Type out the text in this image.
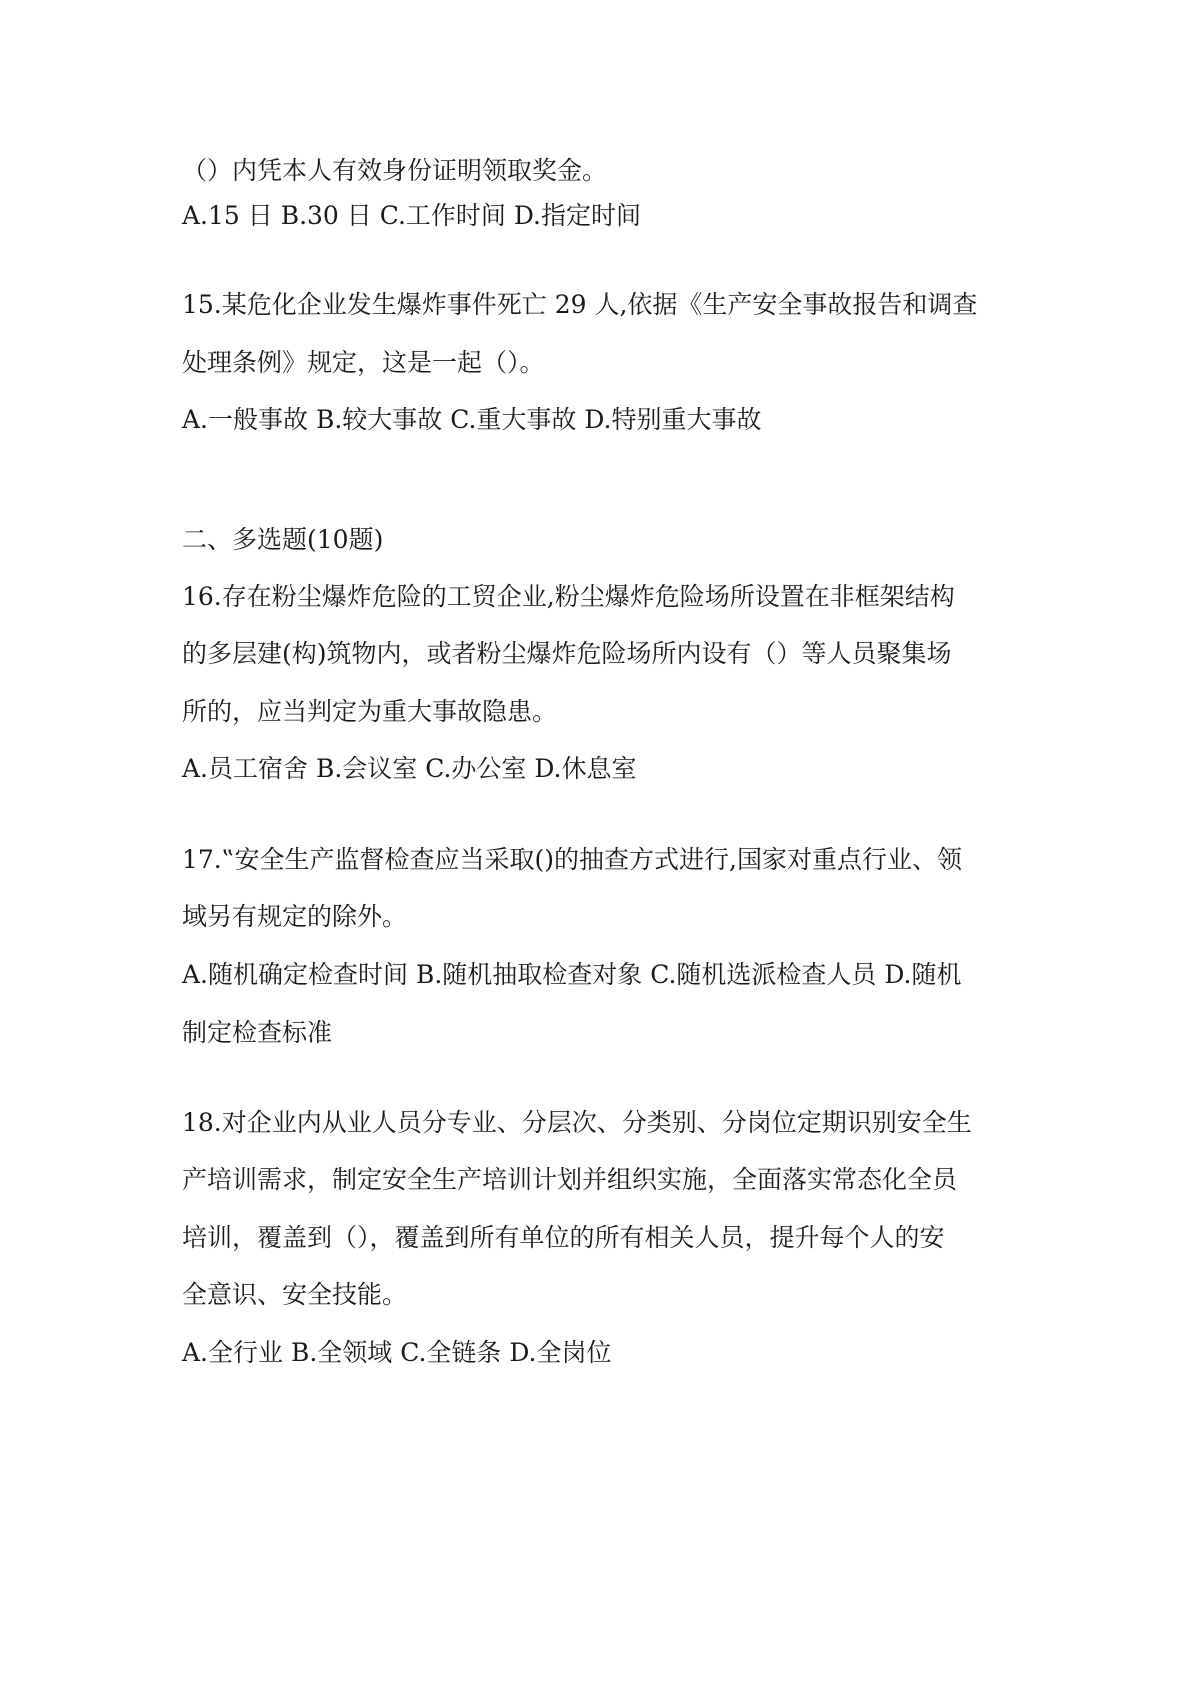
（）内凭本人有效身份证明领取奖金。

A.15 日 B.30 日 C.工作时间 D.指定时间

15.某危化企业发生爆炸事件死亡 29 人,依据《生产安全事故报告和调查

处理条例》规定，这是一起（）。

A.一般事故 B.较大事故 C.重大事故 D.特别重大事故

二、多选题(10题)

16.存在粉尘爆炸危险的工贸企业,粉尘爆炸危险场所设置在非框架结构

的多层建(构)筑物内，或者粉尘爆炸危险场所内设有（）等人员聚集场

所的，应当判定为重大事故隐患。

A.员工宿舍 B.会议室 C.办公室 D.休息室

17.‟安全生产监督检查应当采取()的抽查方式进行,国家对重点行业、领

域另有规定的除外。

A.随机确定检查时间 B.随机抽取检查对象 C.随机选派检查人员 D.随机

制定检查标准

18.对企业内从业人员分专业、分层次、分类别、分岗位定期识别安全生

产培训需求，制定安全生产培训计划并组织实施，全面落实常态化全员

培训，覆盖到（），覆盖到所有单位的所有相关人员，提升每个人的安

全意识、安全技能。

A.全行业 B.全领域 C.全链条 D.全岗位
